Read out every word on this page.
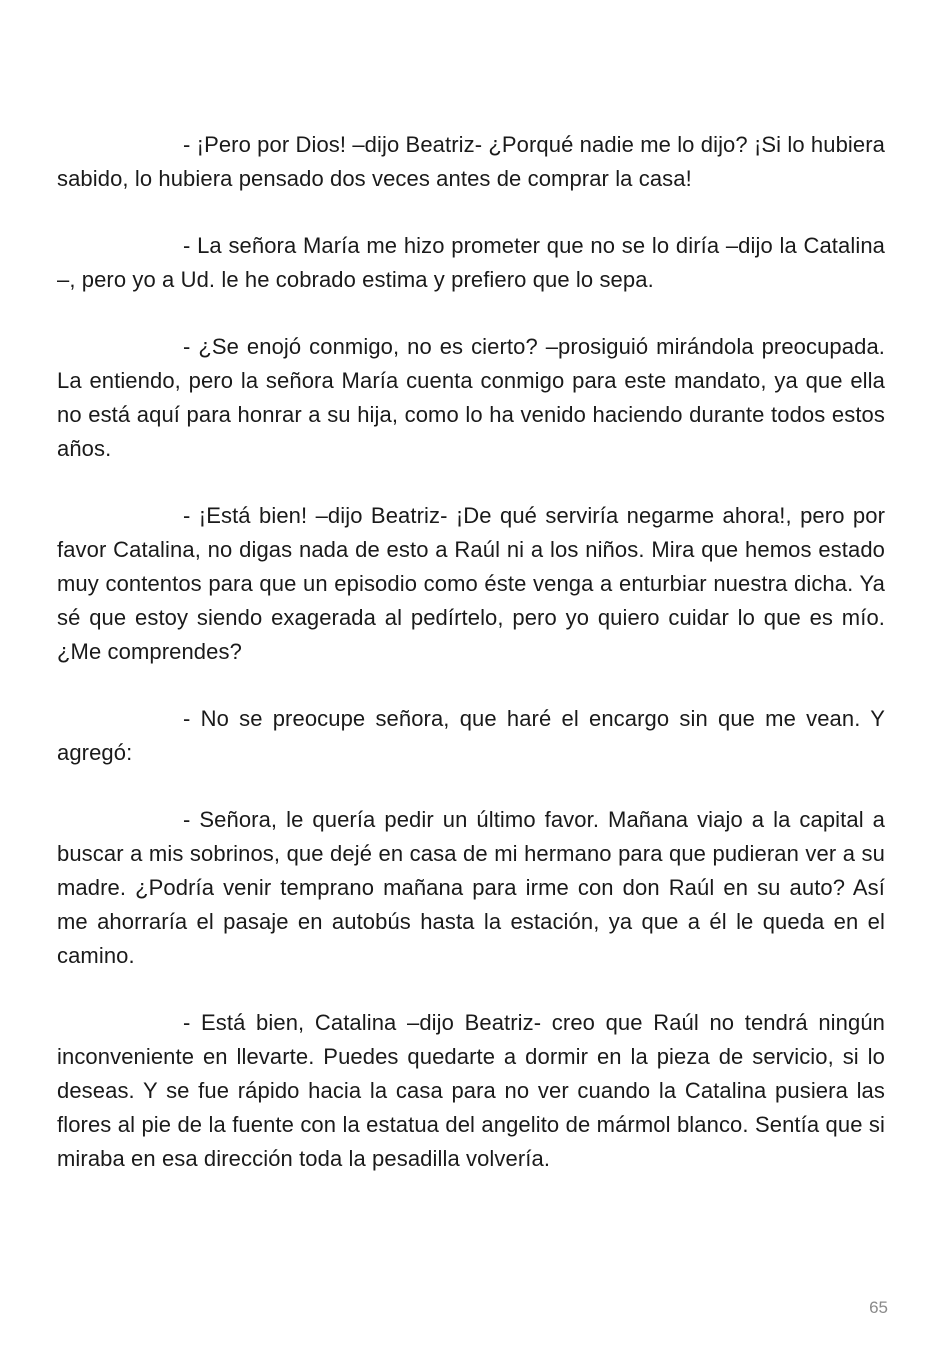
- ¡Pero por Dios! –dijo Beatriz- ¿Porqué nadie me lo dijo? ¡Si lo hubiera sabido, lo hubiera pensado dos veces antes de comprar la casa!

- La señora María me hizo prometer que no se lo diría –dijo la Catalina –, pero yo a Ud. le he cobrado estima y prefiero que lo sepa.

- ¿Se enojó conmigo, no es cierto? –prosiguió mirándola preocupada. La entiendo, pero la señora María cuenta conmigo para este mandato, ya que ella no está aquí para honrar a su hija, como lo ha venido haciendo durante todos estos años.

- ¡Está bien! –dijo Beatriz- ¡De qué serviría negarme ahora!, pero por favor Catalina, no digas nada de esto a Raúl ni a los niños. Mira que hemos estado muy contentos para que un episodio como éste venga a enturbiar nuestra dicha. Ya sé que estoy siendo exagerada al pedírtelo, pero yo quiero cuidar lo que es mío. ¿Me comprendes?

- No se preocupe señora, que haré el encargo sin que me vean. Y agregó:

- Señora, le quería pedir un último favor. Mañana viajo a la capital a buscar a mis sobrinos, que dejé en casa de mi hermano para que pudieran ver a su madre. ¿Podría venir temprano mañana para irme con don Raúl en su auto? Así me ahorraría el pasaje en autobús hasta la estación, ya que a él le queda en el camino.

- Está bien, Catalina –dijo Beatriz- creo que Raúl no tendrá ningún inconveniente en llevarte. Puedes quedarte a dormir en la pieza de servicio, si lo deseas. Y se fue rápido hacia la casa para no ver cuando la Catalina pusiera las flores al pie de la fuente con la estatua del angelito de mármol blanco. Sentía que si miraba en esa dirección toda la pesadilla volvería.

65
